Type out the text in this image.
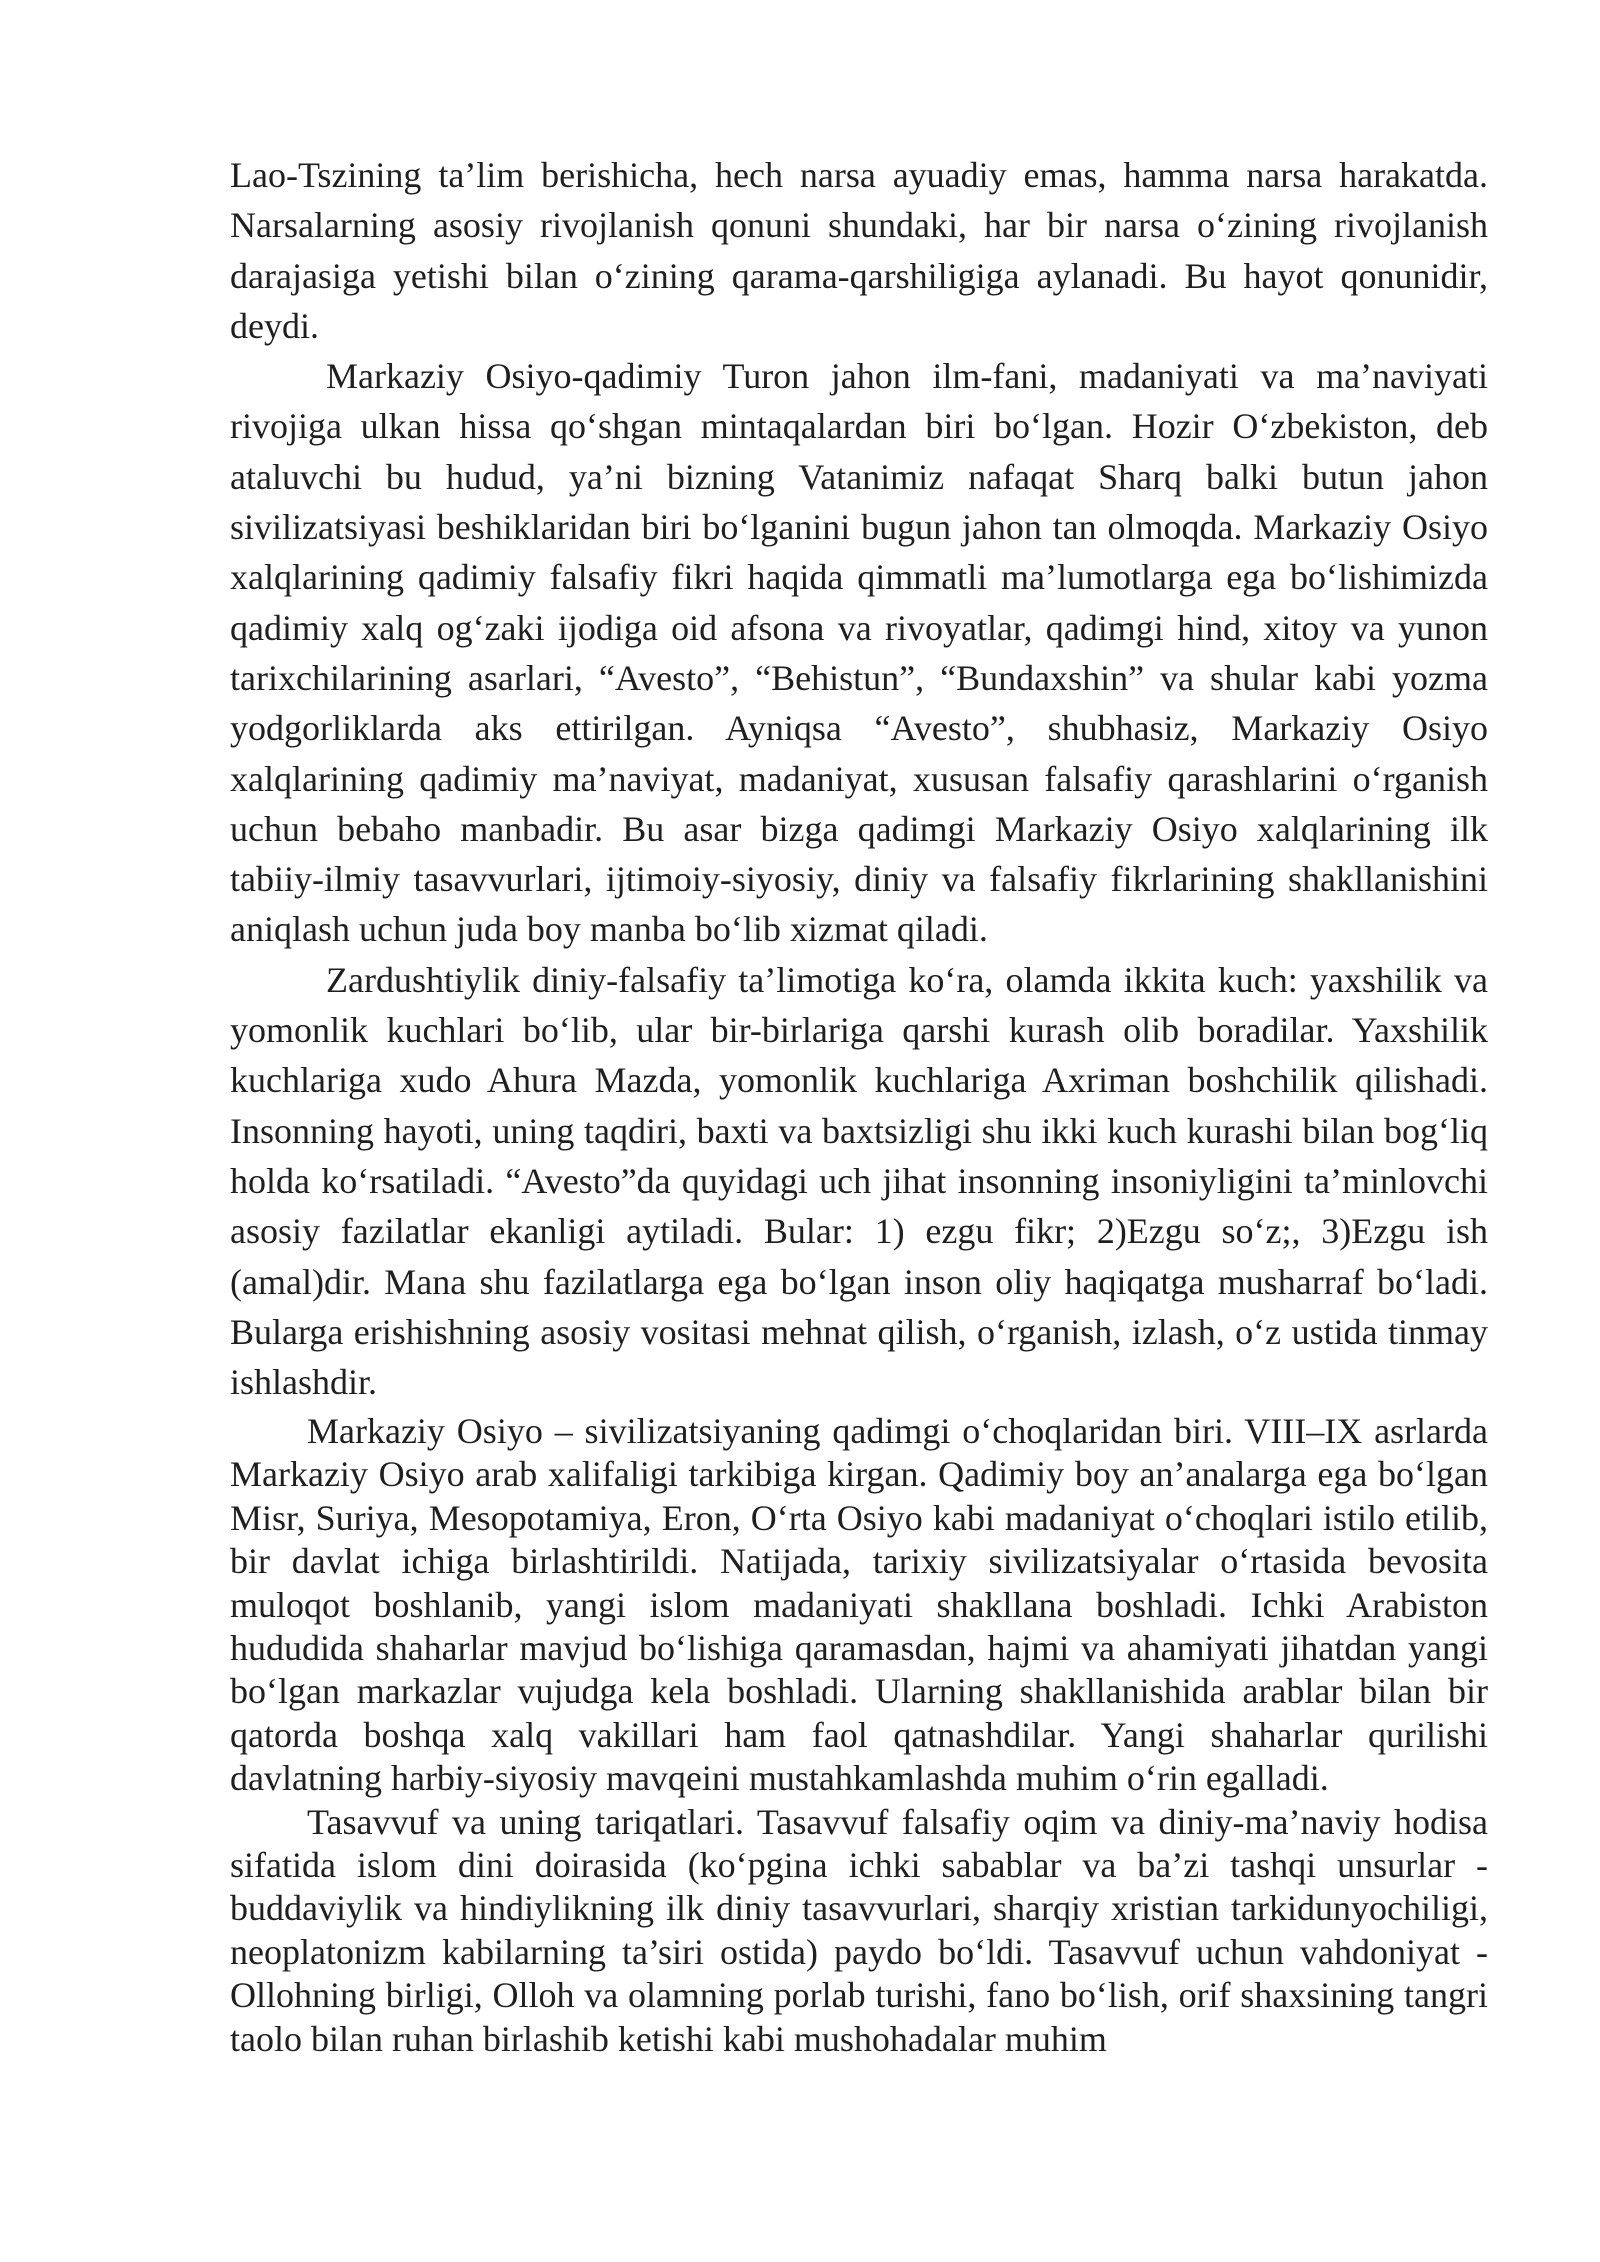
Lao-Tszining ta’lim berishicha, hech narsa ayuadiy emas, hamma narsa harakatda. Narsalarning asosiy rivojlanish qonuni shundaki, har bir narsa o‘zining rivojlanish darajasiga yetishi bilan o‘zining qarama-qarshiligiga aylanadi. Bu hayot qonunidir, deydi.

Markaziy Osiyo-qadimiy Turon jahon ilm-fani, madaniyati va ma’naviyati rivojiga ulkan hissa qo‘shgan mintaqalardan biri bo‘lgan. Hozir O‘zbekiston, deb ataluvchi bu hudud, ya’ni bizning Vatanimiz nafaqat Sharq balki butun jahon sivilizatsiyasi beshiklaridan biri bo‘lganini bugun jahon tan olmoqda. Markaziy Osiyo xalqlarining qadimiy falsafiy fikri haqida qimmatli ma’lumotlarga ega bo‘lishimizda qadimiy xalq og‘zaki ijodiga oid afsona va rivoyatlar, qadimgi hind, xitoy va yunon tarixchilarining asarlari, “Avesto”, “Behistun”, “Bundaxshin” va shular kabi yozma yodgorliklarda aks ettirilgan. Ayniqsa “Avesto”, shubhasiz, Markaziy Osiyo xalqlarining qadimiy ma’naviyat, madaniyat, xususan falsafiy qarashlarini o‘rganish uchun bebaho manbadir. Bu asar bizga qadimgi Markaziy Osiyo xalqlarining ilk tabiiy-ilmiy tasavvurlari, ijtimoiy-siyosiy, diniy va falsafiy fikrlarining shakllanishini aniqlash uchun juda boy manba bo‘lib xizmat qiladi.

Zardushtiylik diniy-falsafiy ta’limotiga ko‘ra, olamda ikkita kuch: yaxshilik va yomonlik kuchlari bo‘lib, ular bir-birlariga qarshi kurash olib boradilar. Yaxshilik kuchlariga xudo Ahura Mazda, yomonlik kuchlariga Axriman boshchilik qilishadi. Insonning hayoti, uning taqdiri, baxti va baxtsizligi shu ikki kuch kurashi bilan bog‘liq holda ko‘rsatiladi. “Avesto”da quyidagi uch jihat insonning insoniyligini ta’minlovchi asosiy fazilatlar ekanligi aytiladi. Bular: 1) ezgu fikr; 2)Ezgu so‘z;, 3)Ezgu ish (amal)dir. Mana shu fazilatlarga ega bo‘lgan inson oliy haqiqatga musharraf bo‘ladi. Bularga erishishning asosiy vositasi mehnat qilish, o‘rganish, izlash, o‘z ustida tinmay ishlashdir.

Markaziy Osiyo – sivilizatsiyaning qadimgi o‘choqlaridan biri. VIII–IX asrlarda Markaziy Osiyo arab xalifaligi tarkibiga kirgan. Qadimiy boy an’analarga ega bo‘lgan Misr, Suriya, Mesopotamiya, Eron, O‘rta Osiyo kabi madaniyat o‘choqlari istilo etilib, bir davlat ichiga birlashtirildi. Natijada, tarixiy sivilizatsiyalar o‘rtasida bevosita muloqot boshlanib, yangi islom madaniyati shakllana boshladi. Ichki Arabiston hududida shaharlar mavjud bo‘lishiga qaramasdan, hajmi va ahamiyati jihatdan yangi bo‘lgan markazlar vujudga kela boshladi. Ularning shakllanishida arablar bilan bir qatorda boshqa xalq vakillari ham faol qatnashdilar. Yangi shaharlar qurilishi davlatning harbiy-siyosiy mavqeini mustahkamlashda muhim o‘rin egalladi.

Tasavvuf va uning tariqatlari. Tasavvuf falsafiy oqim va diniy-ma’naviy hodisa sifatida islom dini doirasida (ko‘pgina ichki sabablar va ba’zi tashqi unsurlar - buddaviylik va hindiylikning ilk diniy tasavvurlari, sharqiy xristian tarkidunyochiligi, neoplatonizm kabilarning ta’siri ostida) paydo bo‘ldi. Tasavvuf uchun vahdoniyat - Ollohning birligi, Olloh va olamning porlab turishi, fano bo‘lish, orif shaxsining tangri taolo bilan ruhan birlashib ketishi kabi mushohadalar muhim
